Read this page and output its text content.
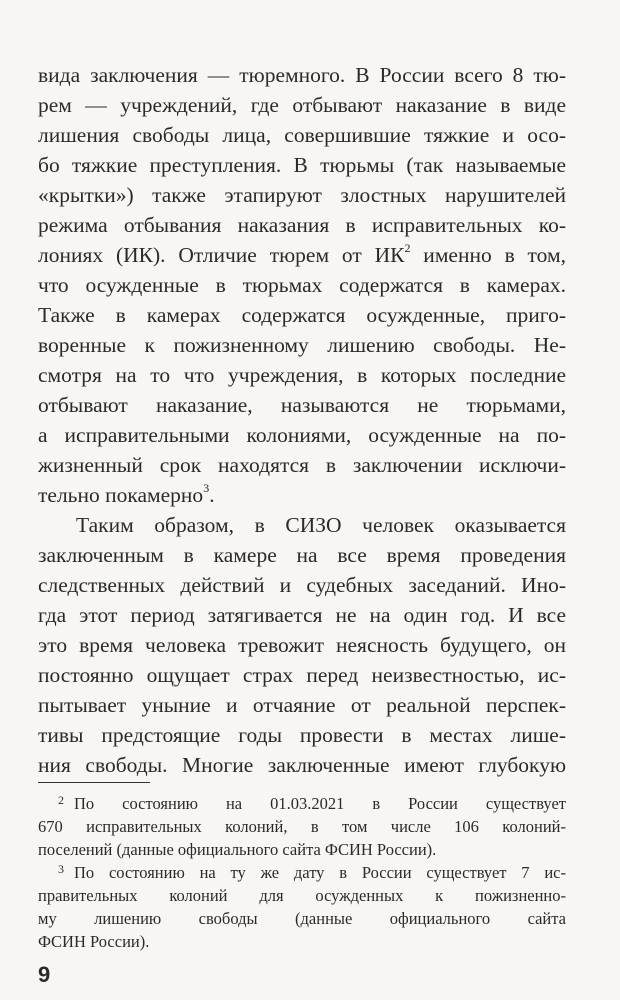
вида заключения — тюремного. В России всего 8 тю-
рем — учреждений, где отбывают наказание в виде
лишения свободы лица, совершившие тяжкие и осо-
бо тяжкие преступления. В тюрьмы (так называемые
«крытки») также этапируют злостных нарушителей
режима отбывания наказания в исправительных ко-
лониях (ИК). Отличие тюрем от $ИК^2$ именно в том,
что осужденные в тюрьмах содержатся в камерах.
Также в камерах содержатся осужденные, приго-
воренные к пожизненному лишению свободы. Не-
смотря на то что учреждения, в которых последние
отбывают наказание, называются не тюрьмами,
а исправительными колониями, осужденные на по-
жизненный срок находятся в заключении исключи-
тельно покамерно$^3$.
Таким образом, в СИЗО человек оказывается
заключенным в камере на все время проведения
следственных действий и судебных заседаний. Ино-
гда этот период затягивается не на один год. И все
это время человека тревожит неясность будущего, он
постоянно ощущает страх перед неизвестностью, ис-
пытывает уныние и отчаяние от реальной перспек-
тивы предстоящие годы провести в местах лише-
ния свободы. Многие заключенные имеют глубокую
2 По состоянию на 01.03.2021 в России существует
670 исправительных колоний, в том числе 106 колоний-
поселений (данные официального сайта ФСИН России).
3 По состоянию на ту же дату в России существует 7 ис-
правительных колоний для осужденных к пожизненно-
му лишению свободы (данные официального сайта
ФСИН России).
9
